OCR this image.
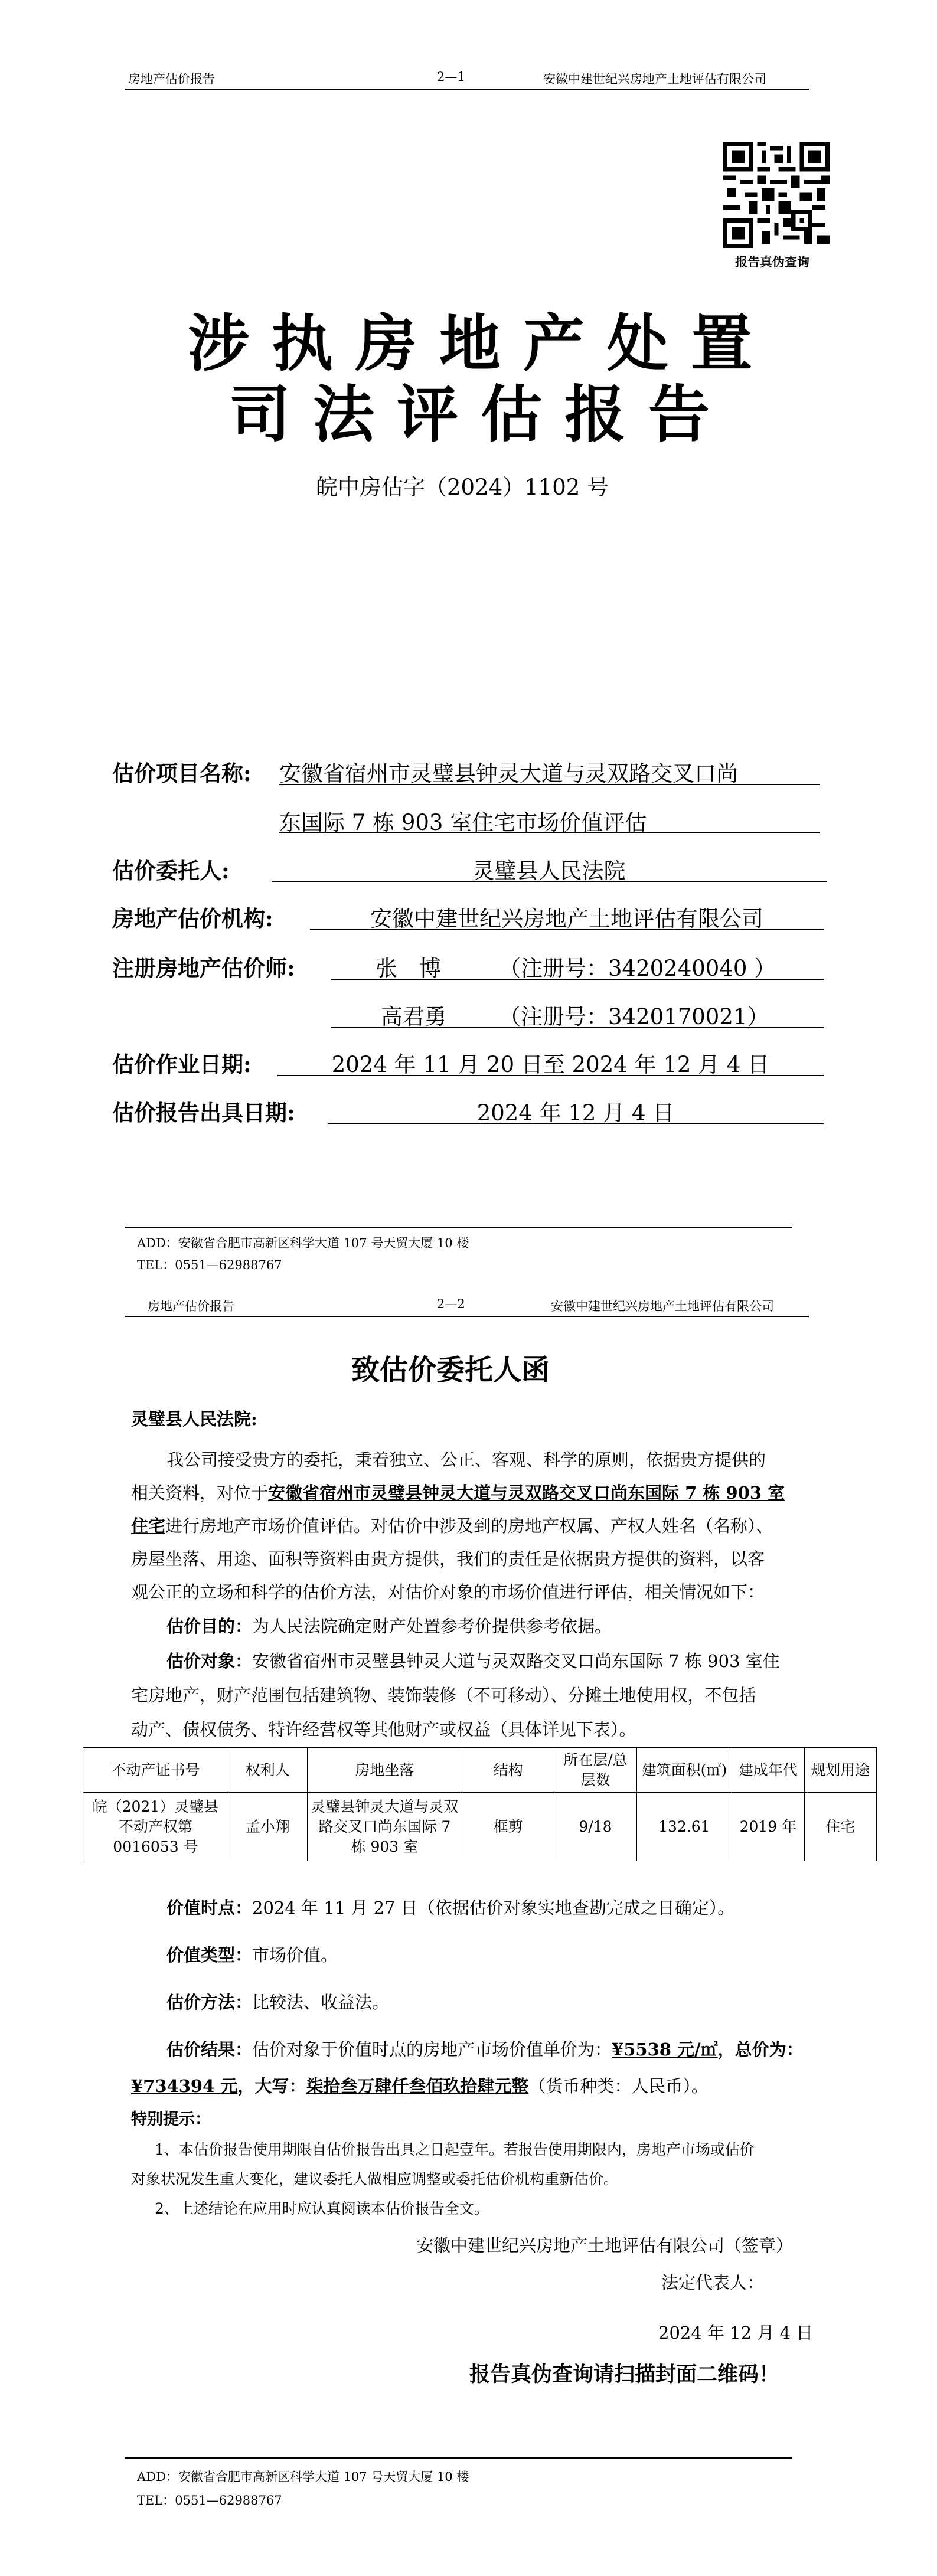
房地产估价报告	2—1	安徽中建世纪兴房地产土地评估有限公司
报告真伪查询
涉执房地产处置
司法评估报告
皖中房估字（2024）1102 号
估价项目名称: 安徽省宿州市灵璧县钟灵大道与灵双路交叉口尚
东国际 7 栋 903 室住宅市场价值评估
估价委托人:	灵璧县人民法院
房地产估价机构:	安徽中建世纪兴房地产土地评估有限公司
注册房地产估价师:	张　博	（注册号：3420240040 ）
高君勇 （注册号：3420170021）
估价作业日期:	2024 年 11 月 20 日至 2024 年 12 月 4 日
估价报告出具日期:	2024 年 12 月 4 日
ADD：安徽省合肥市高新区科学大道 107 号天贸大厦 10 楼
TEL：0551—62988767
房地产估价报告	2—2	安徽中建世纪兴房地产土地评估有限公司
致估价委托人函
灵璧县人民法院:
我公司接受贵方的委托，秉着独立、公正、客观、科学的原则，依据贵方提供的
相关资料，对位于安徽省宿州市灵璧县钟灵大道与灵双路交叉口尚东国际 7 栋 903 室
住宅进行房地产市场价值评估。对估价中涉及到的房地产权属、产权人姓名（名称）、
房屋坐落、用途、面积等资料由贵方提供，我们的责任是依据贵方提供的资料，以客
观公正的立场和科学的估价方法，对估价对象的市场价值进行评估，相关情况如下：
估价目的：为人民法院确定财产处置参考价提供参考依据。
估价对象：安徽省宿州市灵璧县钟灵大道与灵双路交叉口尚东国际 7 栋 903 室住
宅房地产，财产范围包括建筑物、装饰装修（不可移动）、分摊土地使用权，不包括
动产、债权债务、特许经营权等其他财产或权益（具体详见下表）。
不动产证书号	权利人	房地坐落	结构	所在层/总层数	建筑面积(㎡)	建成年代	规划用途
皖（2021）灵璧县不动产权第 0016053 号	孟小翔	灵璧县钟灵大道与灵双路交叉口尚东国际 7 栋 903 室	框剪	9/18	132.61	2019 年	住宅
价值时点：2024 年 11 月 27 日（依据估价对象实地查勘完成之日确定）。
价值类型：市场价值。
估价方法：比较法、收益法。
估价结果：估价对象于价值时点的房地产市场价值单价为：¥5538 元/㎡，总价为：
¥734394 元，大写：柒拾叁万肆仟叁佰玖拾肆元整（货币种类：人民币）。
特别提示：
1、本估价报告使用期限自估价报告出具之日起壹年。若报告使用期限内，房地产市场或估价
对象状况发生重大变化，建议委托人做相应调整或委托估价机构重新估价。
2、上述结论在应用时应认真阅读本估价报告全文。
安徽中建世纪兴房地产土地评估有限公司（签章）
法定代表人：
2024 年 12 月 4 日
报告真伪查询请扫描封面二维码！
ADD：安徽省合肥市高新区科学大道 107 号天贸大厦 10 楼
TEL：0551—62988767
